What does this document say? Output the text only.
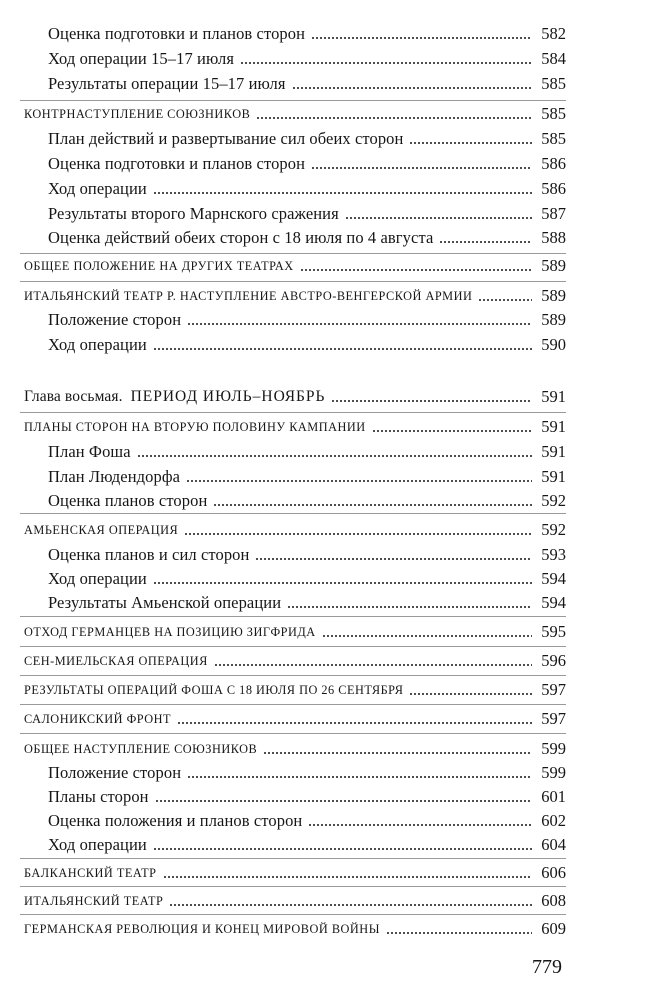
Оценка подготовки и планов сторон	582
Ход операции 15–17 июля	584
Результаты операции 15–17 июля	585
КОНТРНАСТУПЛЕНИЕ СОЮЗНИКОВ	585
План действий и развертывание сил обеих сторон	585
Оценка подготовки и планов сторон	586
Ход операции	586
Результаты второго Марнского сражения	587
Оценка действий обеих сторон с 18 июля по 4 августа	588
ОБЩЕЕ ПОЛОЖЕНИЕ НА ДРУГИХ ТЕАТРАХ	589
ИТАЛЬЯНСКИЙ ТЕАТР Р. НАСТУПЛЕНИЕ АВСТРО-ВЕНГЕРСКОЙ АРМИИ	589
Положение сторон	589
Ход операции	590
Глава восьмая. ПЕРИОД ИЮЛЬ–НОЯБРЬ	591
ПЛАНЫ СТОРОН НА ВТОРУЮ ПОЛОВИНУ КАМПАНИИ	591
План Фоша	591
План Людендорфа	591
Оценка планов сторон	592
АМЬЕНСКАЯ ОПЕРАЦИЯ	592
Оценка планов и сил сторон	593
Ход операции	594
Результаты Амьенской операции	594
ОТХОД ГЕРМАНЦЕВ НА ПОЗИЦИЮ ЗИГФРИДА	595
СЕН-МИЕЛЬСКАЯ ОПЕРАЦИЯ	596
РЕЗУЛЬТАТЫ ОПЕРАЦИЙ ФОША С 18 ИЮЛЯ ПО 26 СЕНТЯБРЯ	597
САЛОНИКСКИЙ ФРОНТ	597
ОБЩЕЕ НАСТУПЛЕНИЕ СОЮЗНИКОВ	599
Положение сторон	599
Планы сторон	601
Оценка положения и планов сторон	602
Ход операции	604
БАЛКАНСКИЙ ТЕАТР	606
ИТАЛЬЯНСКИЙ ТЕАТР	608
ГЕРМАНСКАЯ РЕВОЛЮЦИЯ И КОНЕЦ МИРОВОЙ ВОЙНЫ	609
779
